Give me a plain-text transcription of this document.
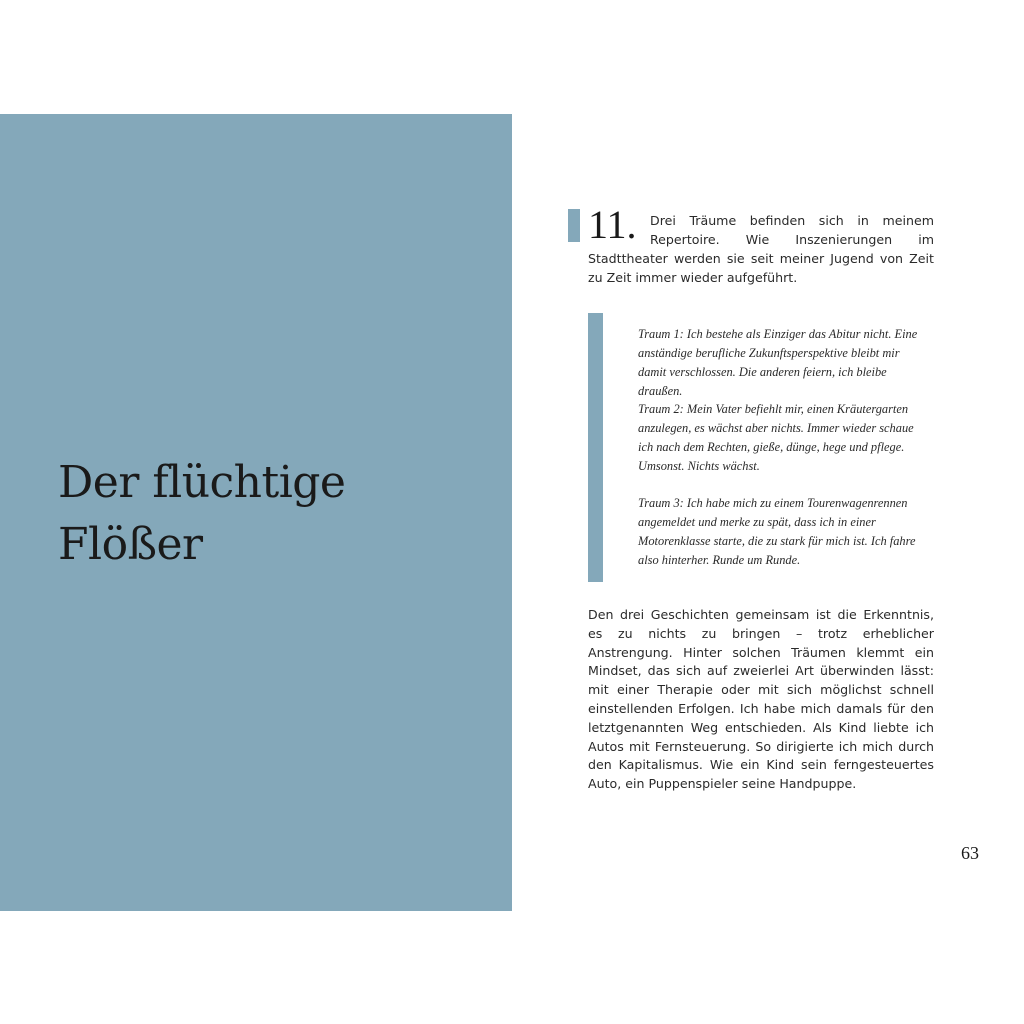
Der flüchtige
Flößer
11.	Drei Träume befinden sich in meinem Repertoire. Wie Inszenierungen im Stadttheater werden sie seit meiner Jugend von Zeit zu Zeit immer wieder aufgeführt.

Traum 1: Ich bestehe als Einziger das Abitur nicht. Eine anständige berufliche Zukunftsperspektive bleibt mir damit verschlossen. Die anderen feiern, ich bleibe draußen.

Traum 2: Mein Vater befiehlt mir, einen Kräutergarten anzulegen, es wächst aber nichts. Immer wieder schaue ich nach dem Rechten, gieße, dünge, hege und pflege. Umsonst. Nichts wächst.

Traum 3: Ich habe mich zu einem Tourenwagenrennen angemeldet und merke zu spät, dass ich in einer Motorenklasse starte, die zu stark für mich ist. Ich fahre also hinterher. Runde um Runde.

Den drei Geschichten gemeinsam ist die Erkenntnis, es zu nichts zu bringen – trotz erheblicher Anstrengung. Hinter solchen Träumen klemmt ein Mindset, das sich auf zweierlei Art überwinden lässt: mit einer Therapie oder mit sich möglichst schnell einstellenden Erfolgen. Ich habe mich damals für den letztgenannten Weg entschieden. Als Kind liebte ich Autos mit Fernsteuerung. So dirigierte ich mich durch den Kapitalismus. Wie ein Kind sein ferngesteuertes Auto, ein Puppenspieler seine Handpuppe.

63
